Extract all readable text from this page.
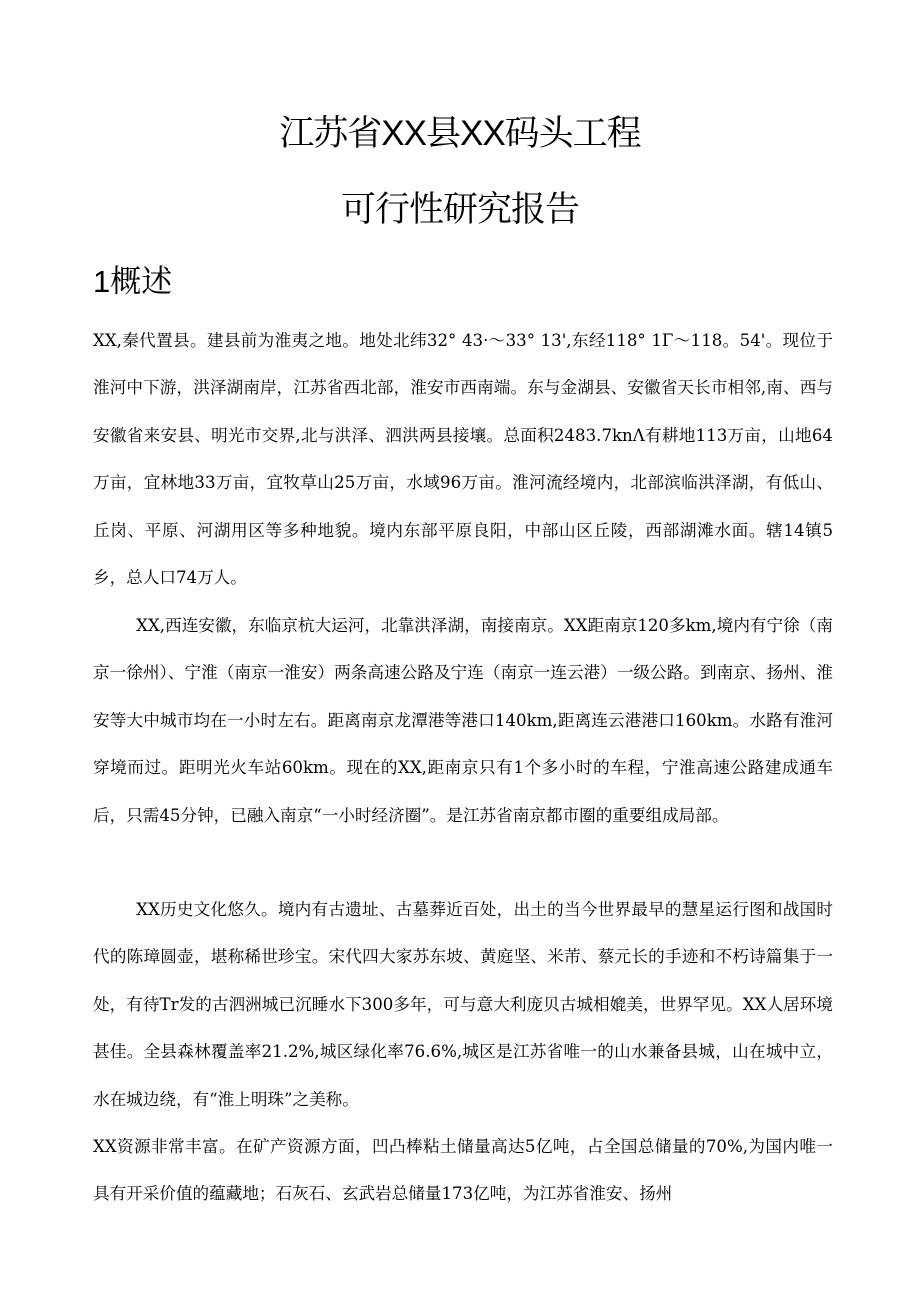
江苏省XX县XX码头工程
可行性研究报告
1概述

XX,秦代置县。建县前为淮夷之地。地处北纬32° 43·～33° 13',东经118° 1Γ～118。54'。现位于淮河中下游，洪泽湖南岸，江苏省西北部，淮安市西南端。东与金湖县、安徽省天长市相邻,南、西与安徽省来安县、明光市交界,北与洪泽、泗洪两县接壤。总面积2483.7knΛ有耕地113万亩，山地64万亩，宜林地33万亩，宜牧草山25万亩，水域96万亩。淮河流经境内，北部滨临洪泽湖，有低山、丘岗、平原、河湖用区等多种地貌。境内东部平原良阳，中部山区丘陵，西部湖滩水面。辖14镇5乡，总人口74万人。

XX,西连安徽，东临京杭大运河，北靠洪泽湖，南接南京。XX距南京120多km,境内有宁徐（南京一徐州）、宁淮（南京一淮安）两条高速公路及宁连（南京一连云港）一级公路。到南京、扬州、淮安等大中城市均在一小时左右。距离南京龙潭港等港口140km,距离连云港港口160km。水路有淮河穿境而过。距明光火车站60km。现在的XX,距南京只有1个多小时的车程，宁淮高速公路建成通车后，只需45分钟，已融入南京“一小时经济圈”。是江苏省南京都市圈的重要组成局部。

XX历史文化悠久。境内有古遗址、古墓葬近百处，出土的当今世界最早的慧星运行图和战国时代的陈璋圆壶，堪称稀世珍宝。宋代四大家苏东坡、黄庭坚、米芾、蔡元长的手迹和不朽诗篇集于一处，有待Tr发的古泗洲城已沉睡水下300多年，可与意大利庞贝古城相媲美，世界罕见。XX人居环境甚佳。全县森林覆盖率21.2%,城区绿化率76.6%,城区是江苏省唯一的山水兼备县城，山在城中立，水在城边绕，有“淮上明珠”之美称。

XX资源非常丰富。在矿产资源方面，凹凸棒粘土储量高达5亿吨，占全国总储量的70%,为国内唯一具有开采价值的蕴藏地；石灰石、玄武岩总储量173亿吨，为江苏省淮安、扬州
